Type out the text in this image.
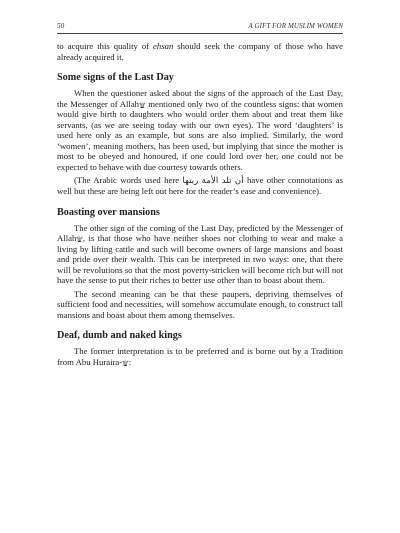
50	A GIFT FOR MUSLIM WOMEN

to acquire this quality of ehsan should seek the company of those who have already acquired it.

Some signs of the Last Day

When the questioner asked about the signs of the approach of the Last Day, the Messenger of Allah۩ mentioned only two of the countless signs: that women would give birth to daughters who would order them about and treat them like servants, (as we are seeing today with our own eyes). The word ‘daughters’ is used here only as an example, but sons are also implied. Similarly, the word ‘women’, meaning mothers, has been used, but implying that since the mother is most to be obeyed and honoured, if one could lord over her, one could not be expected to behave with due courtesy towards others.

(The Arabic words used here أن تلد الأمة ربتها have other connotations as well but these are being left out here for the reader’s ease and convenience).

Boasting over mansions

The other sign of the coming of the Last Day, predicted by the Messenger of Allah۩, is that those who have neither shoes nor clothing to wear and make a living by lifting cattle and such will become owners of large mansions and boast and pride over their wealth. This can be interpreted in two ways: one, that there will be revolutions so that the most poverty-stricken will become rich but will not have the sense to put their riches to better use other than to boast about them.

The second meaning can be that these paupers, depriving themselves of sufficient food and necessities, will somehow accumulate enough, to construct tall mansions and boast about them among themselves.

Deaf, dumb and naked kings

The former interpretation is to be preferred and is borne out by a Tradition from Abu Huraira-۩:
